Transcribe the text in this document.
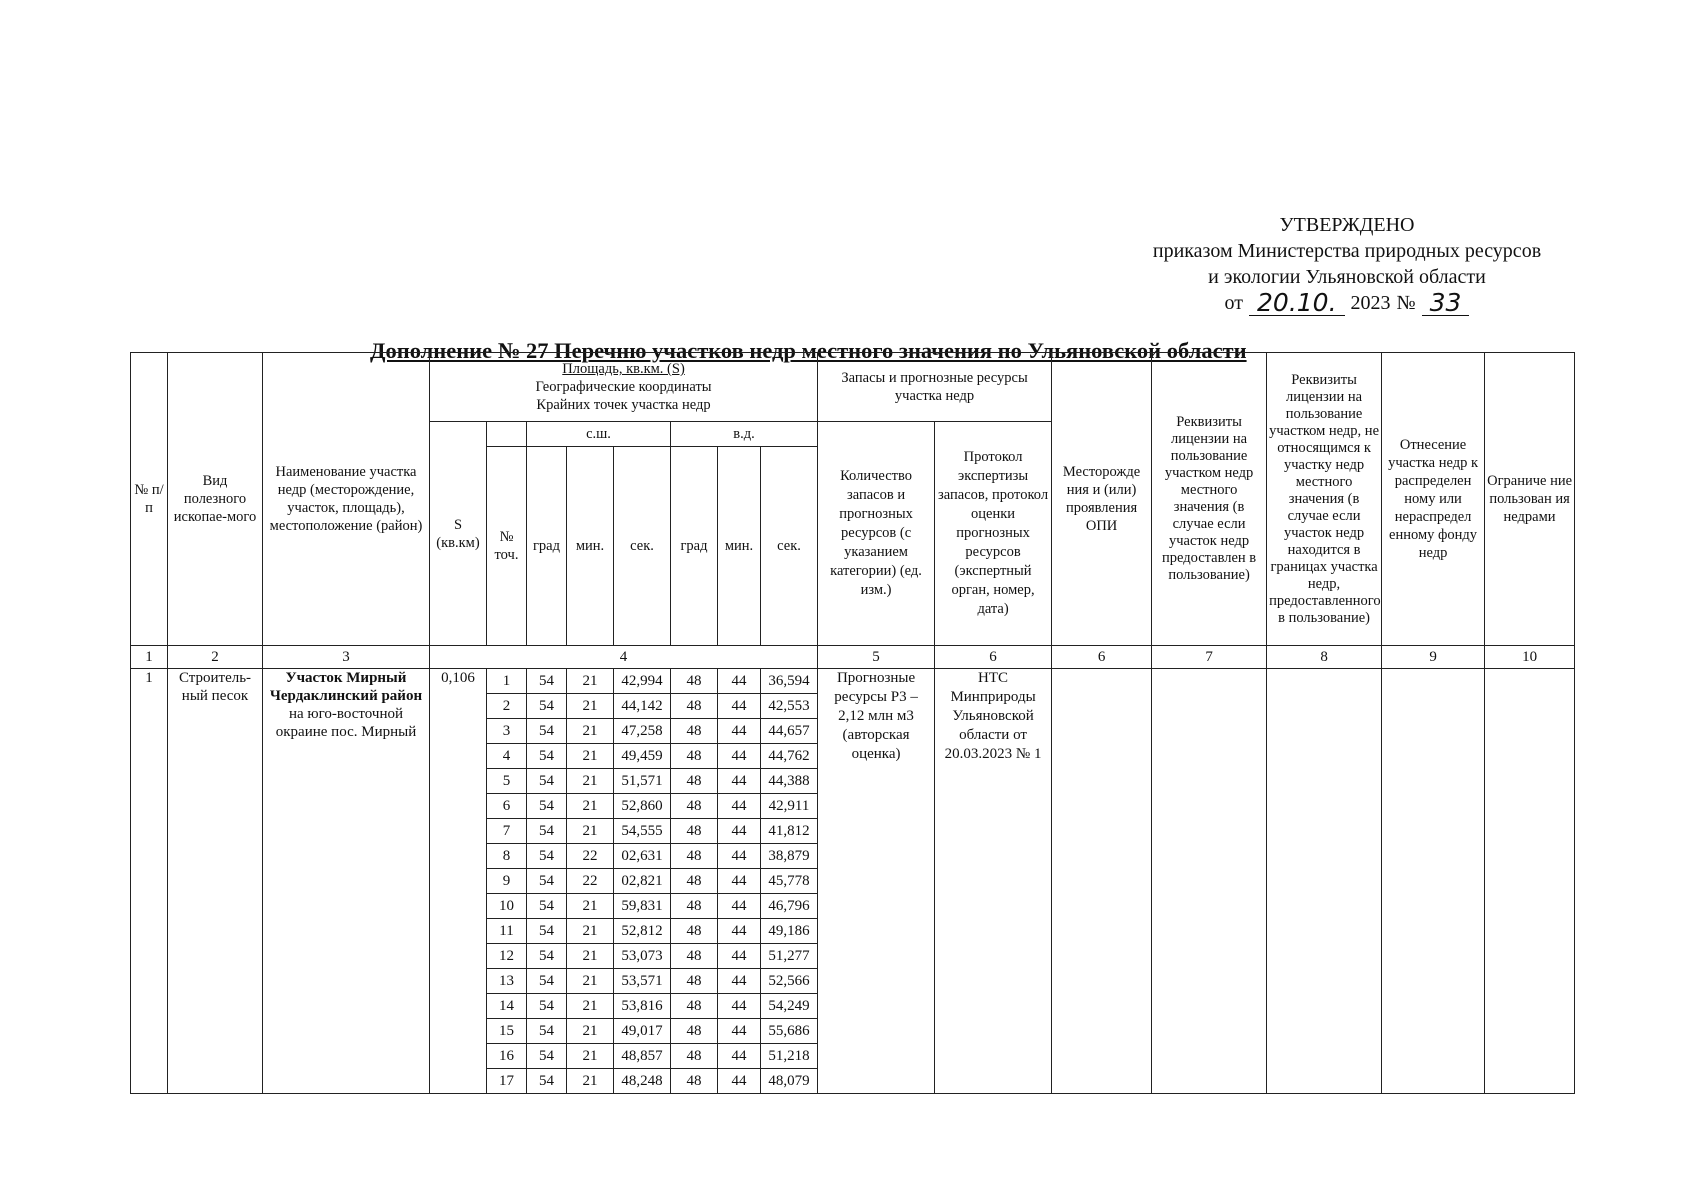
УТВЕРЖДЕНО
приказом Министерства природных ресурсов
и экологии Ульяновской области
от 20.10. 2023 № 33
Дополнение № 27 Перечню участков недр местного значения по Ульяновской области
№ п/п	Вид полезного ископае-мого	Наименование участка недр (месторождение, участок, площадь), местоположение (район)	Площадь, кв.км. (S)
Географические координаты
Крайних точек участка недр								Запасы и прогнозные ресурсы участка недр		Месторожде ния и (или) проявления ОПИ	Реквизиты лицензии на пользование участком недр местного значения (в случае если участок недр предоставлен в пользование)	Реквизиты лицензии на пользование участком недр, не относящимся к участку недр местного значения (в случае если участок недр находится в границах участка недр, предоставленного в пользование)	Отнесение участка недр к распределен ному или нераспредел енному фонду недр	Ограниче ние пользован ия недрами
			S (кв.км)		с.ш.			в.д.			Количество запасов и прогнозных ресурсов (с указанием категории) (ед. изм.)	Протокол экспертизы запасов, протокол оценки прогнозных ресурсов (экспертный орган, номер, дата)					
				№ точ.	град	мин.	сек.	град	мин.	сек.							
1	2	3	4								5	6	6	7	8	9	10
1	Строитель-ный песок	Участок Мирный Чердаклинский район
на юго-восточной окраине пос. Мирный	0,106	1	54	21	42,994	48	44	36,594	Прогнозные ресурсы P3 – 2,12 млн м3 (авторская оценка)	НТС Минприроды Ульяновской области от 20.03.2023 № 1					
				2	54	21	44,142	48	44	42,553							
				3	54	21	47,258	48	44	44,657							
				4	54	21	49,459	48	44	44,762							
				5	54	21	51,571	48	44	44,388							
				6	54	21	52,860	48	44	42,911							
				7	54	21	54,555	48	44	41,812							
				8	54	22	02,631	48	44	38,879							
				9	54	22	02,821	48	44	45,778							
				10	54	21	59,831	48	44	46,796							
				11	54	21	52,812	48	44	49,186							
				12	54	21	53,073	48	44	51,277							
				13	54	21	53,571	48	44	52,566							
				14	54	21	53,816	48	44	54,249							
				15	54	21	49,017	48	44	55,686							
				16	54	21	48,857	48	44	51,218							
				17	54	21	48,248	48	44	48,079							
